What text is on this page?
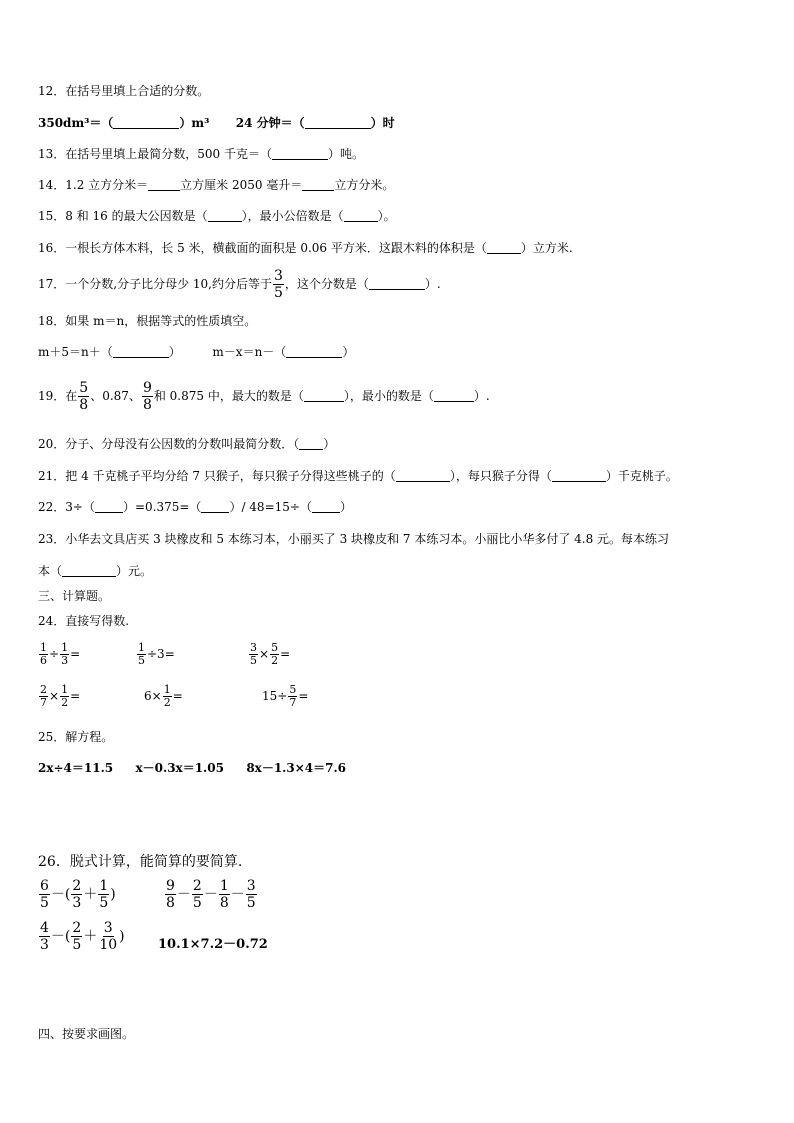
12．在括号里填上合适的分数。
350dm³＝（	）m³ 24 分钟＝（	）时
13．在括号里填上最简分数，500 千克＝（	）吨。
14．1.2 立方分米＝	立方厘米 2050 毫升＝	立方分米。
15．8 和 16 的最大公因数是（	），最小公倍数是（	）。
16．一根长方体木料，长 5 米，横截面的面积是 0.06 平方米．这跟木料的体积是（	）立方米.
17．一个分数,分子比分母少 10,约分后等于 $\frac{3}{5}$ ，这个分数是（	）.
18．如果 m＝n，根据等式的性质填空。
m＋5＝n＋（	）	m－x＝n－（	）
19．在 $\frac{5}{8}$ 、0.87、 $\frac{9}{8}$ 和 0.875 中，最大的数是（	），最小的数是（	）.
20．分子、分母没有公因数的分数叫最简分数．（ ）
21．把 4 千克桃子平均分给 7 只猴子，每只猴子分得这些桃子的（	），每只猴子分得（	）千克桃子。
22．3÷（ ）=0.375=（ ）/ 48=15÷（ ）
23．小华去文具店买 3 块橡皮和 5 本练习本，小丽买了 3 块橡皮和 7 本练习本。小丽比小华多付了 4.8 元。每本练习
本（	）元。
三、计算题。
24．直接写得数.
$\frac{1}{6} \div \frac{1}{3}$ =	$\frac{1}{5} \div 3=$	$\frac{3}{5} \times \frac{5}{2}$ =
$\frac{2}{7} \times \frac{1}{2}$ =	$6\times \frac{1}{2}$ =	$15\div \frac{5}{7}$ =
25．解方程。
2x÷4＝11.5 x－0.3x＝1.05 8x－1.3×4＝7.6
26．脱式计算，能简算的要简算.
$\frac{6}{5}$ －( $\frac{2}{3} + \frac{1}{5}$ )	$\frac{9}{8} - \frac{2}{5} - \frac{1}{8} - \frac{3}{5}$
$\frac{4}{3}$ －( $\frac{2}{5} + \frac{3}{10}$ )	10.1×7.2－0.72
四、按要求画图。
